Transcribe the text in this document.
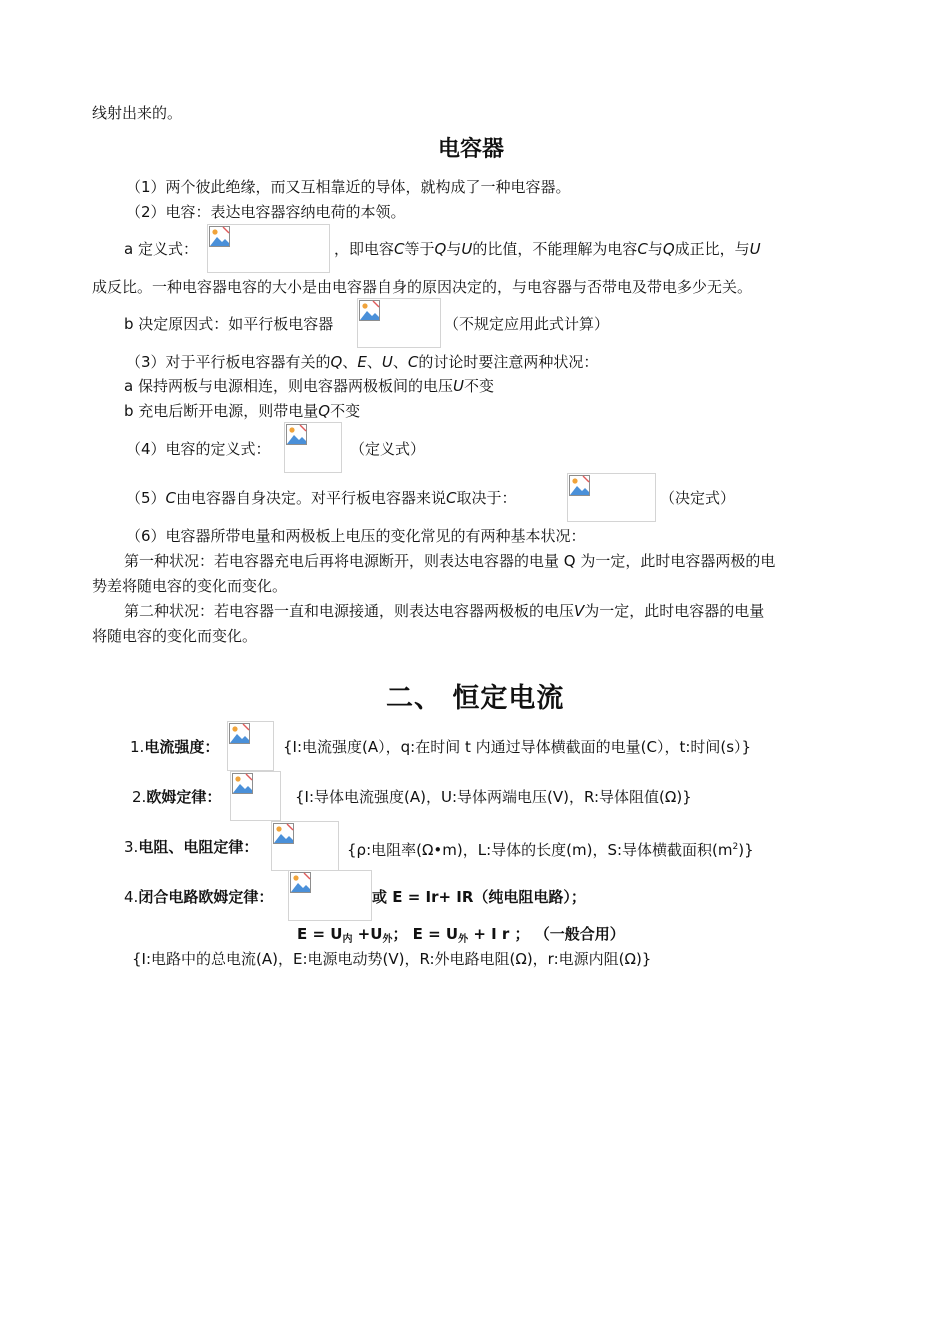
线射出来的。
电容器
（1）两个彼此绝缘，而又互相靠近的导体，就构成了一种电容器。
（2）电容：表达电容器容纳电荷的本领。
a 定义式：	，即电容C等于Q与U的比值，不能理解为电容C与Q成正比，与U
成反比。一种电容器电容的大小是由电容器自身的原因决定的，与电容器与否带电及带电多少无关。
b 决定原因式：如平行板电容器	（不规定应用此式计算）
（3）对于平行板电容器有关的Q、E、U、C的讨论时要注意两种状况：
a 保持两板与电源相连，则电容器两极板间的电压U不变
b 充电后断开电源，则带电量Q不变
（4）电容的定义式：	（定义式）
（5）C由电容器自身决定。对平行板电容器来说C取决于：	（决定式）
（6）电容器所带电量和两极板上电压的变化常见的有两种基本状况：
第一种状况：若电容器充电后再将电源断开，则表达电容器的电量 Q 为一定，此时电容器两极的电
势差将随电容的变化而变化。
第二种状况：若电容器一直和电源接通，则表达电容器两极板的电压V为一定，此时电容器的电量
将随电容的变化而变化。
二、 恒定电流
1.电流强度：	{I:电流强度(A），q:在时间 t 内通过导体横截面的电量(C），t:时间(s）}
2.欧姆定律：	{I:导体电流强度(A)，U:导体两端电压(V)，R:导体阻值(Ω)}
3.电阻、电阻定律：	{ρ:电阻率(Ω•m)，L:导体的长度(m)，S:导体横截面积$(m^2)$}
4.闭合电路欧姆定律：	或 E = Ir+ IR（纯电阻电路）；
$E = U_内 +U_外$； $E = U_外 + I$ r ； （一般合用）
{I:电路中的总电流(A)，E:电源电动势(V)，R:外电路电阻(Ω)，r:电源内阻(Ω)}
